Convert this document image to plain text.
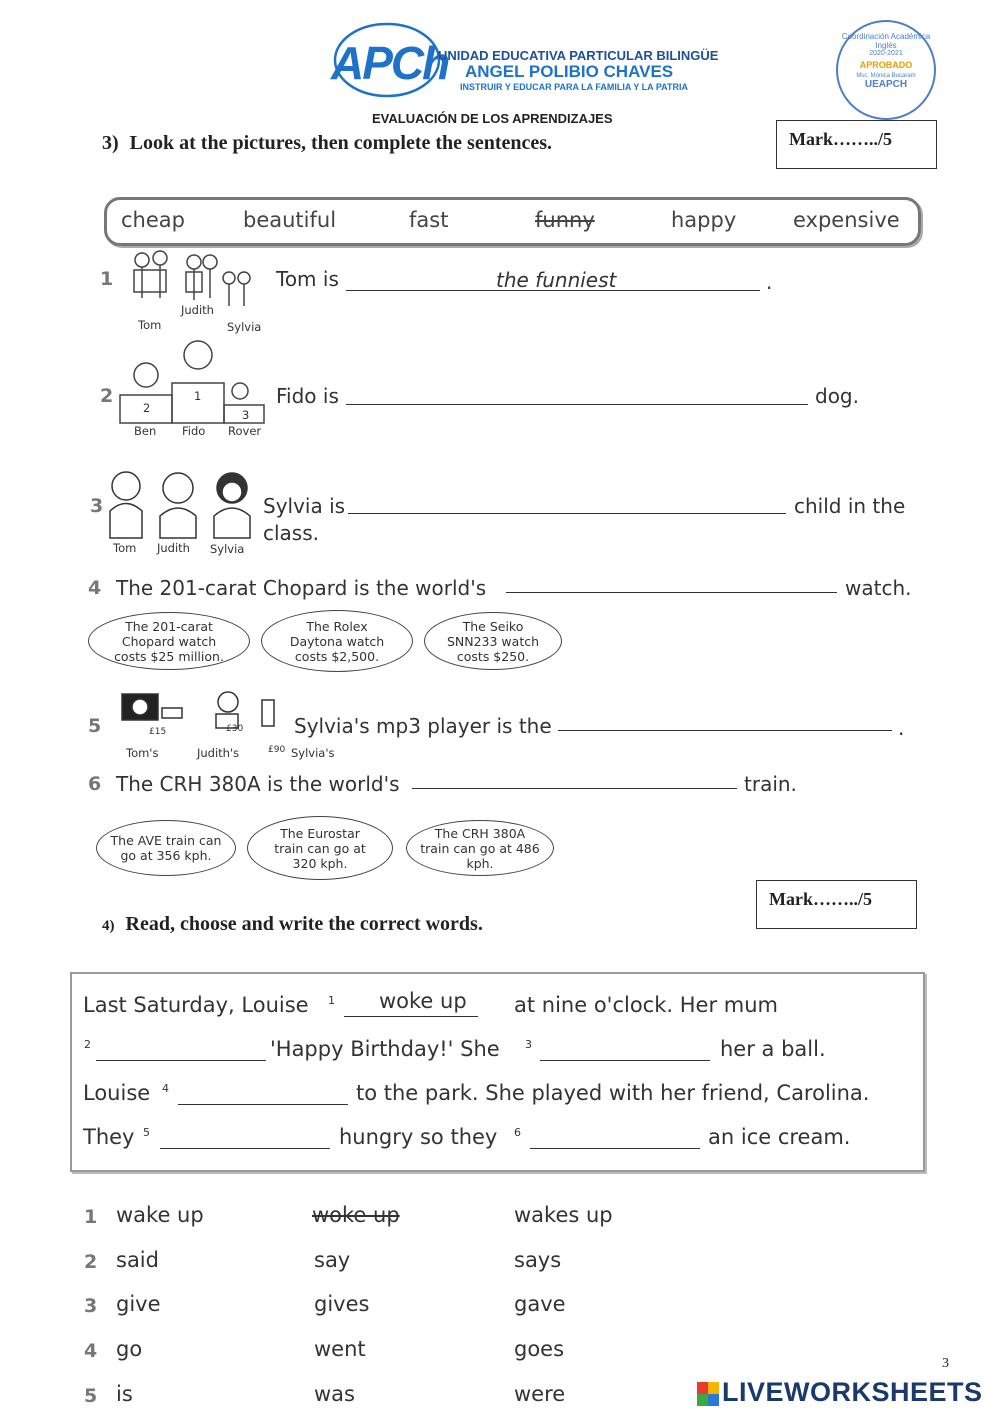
APCh
UNIDAD EDUCATIVA PARTICULAR BILINGÜE
ANGEL POLIBIO CHAVES
INSTRUIR Y EDUCAR PARA LA FAMILIA Y LA PATRIA
EVALUACIÓN DE LOS APRENDIZAJES
Coordinación Académica
Inglés
2020-2021
APROBADO
Msc. Mónica Bucaram
UEAPCH
3) Look at the pictures, then complete the sentences.	Mark……../5
cheap	beautiful	fast	funny	happy	expensive
1
Tom
Judith
Sylvia
Tom is	the funniest	.
2
2
1
3
Ben Fido Rover
Fido is	dog.
3
Tom Judith Sylvia
Sylvia is	child in the
class.
4 The 201-carat Chopard is the world's	watch.
The 201-carat Chopard watch costs $25 million.
The Rolex Daytona watch costs $2,500.
The Seiko SNN233 watch costs $250.
5	£15	£30
£90
Tom's	Judith's	Sylvia's
Sylvia's mp3 player is the	.
6 The CRH 380A is the world's	train.
The AVE train can go at 356 kph.
The Eurostar train can go at 320 kph.
The CRH 380A train can go at 486 kph.
Mark……../5
4) Read, choose and write the correct words.
Last Saturday, Louise 1 woke up at nine o'clock. Her mum
2	'Happy Birthday!' She 3	her a ball.
Louise 4	to the park. She played with her friend, Carolina.
They 5	hungry so they 6	an ice cream.
1 wake up	woke up	wakes up
2 said	say	says
3 give	gives	gave
4 go	went	goes
5 is	was	were
3
LIVEWORKSHEETS
